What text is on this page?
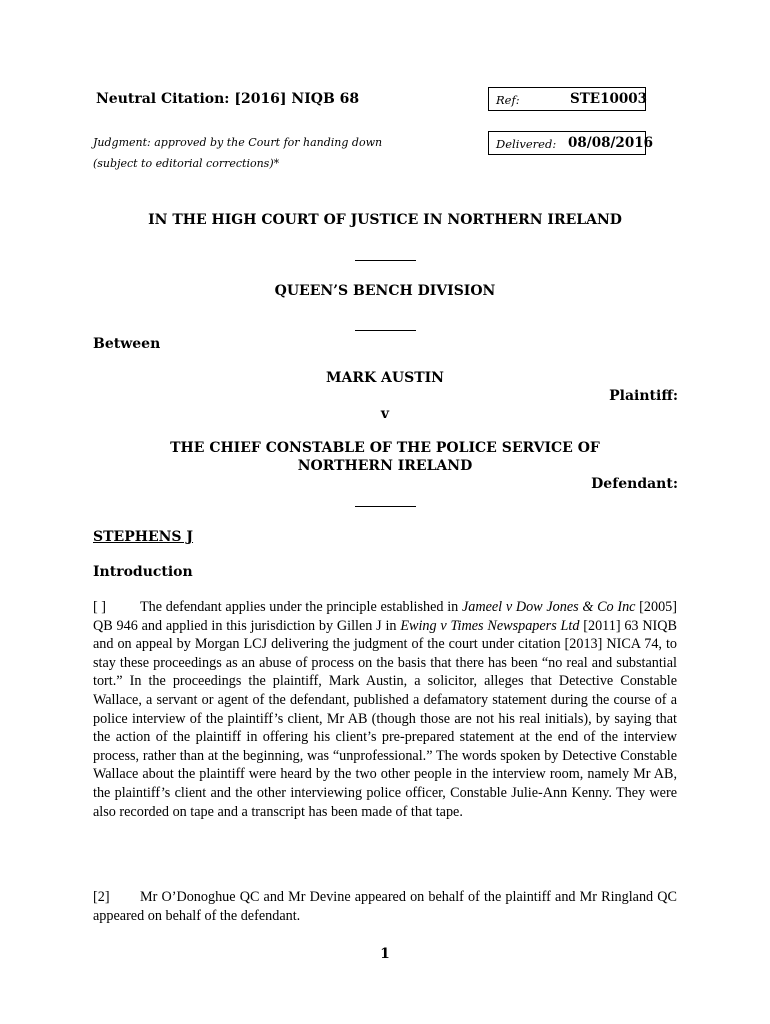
Neutral Citation: [2016] NIQB 68	Ref:	STE10003
Delivered: 08/08/2016
Judgment: approved by the Court for handing down
(subject to editorial corrections)*
IN THE HIGH COURT OF JUSTICE IN NORTHERN IRELAND
QUEEN’S BENCH DIVISION
Between
MARK AUSTIN
Plaintiff:
v
THE CHIEF CONSTABLE OF THE POLICE SERVICE OF
NORTHERN IRELAND
Defendant:
STEPHENS J
Introduction
[ ] The defendant applies under the principle established in Jameel v Dow Jones & Co Inc [2005] QB 946 and applied in this jurisdiction by Gillen J in Ewing v Times Newspapers Ltd [2011] 63 NIQB and on appeal by Morgan LCJ delivering the judgment of the court under citation [2013] NICA 74, to stay these proceedings as an abuse of process on the basis that there has been “no real and substantial tort.” In the proceedings the plaintiff, Mark Austin, a solicitor, alleges that Detective Constable Wallace, a servant or agent of the defendant, published a defamatory statement during the course of a police interview of the plaintiff’s client, Mr AB (though those are not his real initials), by saying that the action of the plaintiff in offering his client’s pre-prepared statement at the end of the interview process, rather than at the beginning, was “unprofessional.” The words spoken by Detective Constable Wallace about the plaintiff were heard by the two other people in the interview room, namely Mr AB, the plaintiff’s client and the other interviewing police officer, Constable Julie-Ann Kenny. They were also recorded on tape and a transcript has been made of that tape.
[2] Mr O’Donoghue QC and Mr Devine appeared on behalf of the plaintiff and Mr Ringland QC appeared on behalf of the defendant.
1
